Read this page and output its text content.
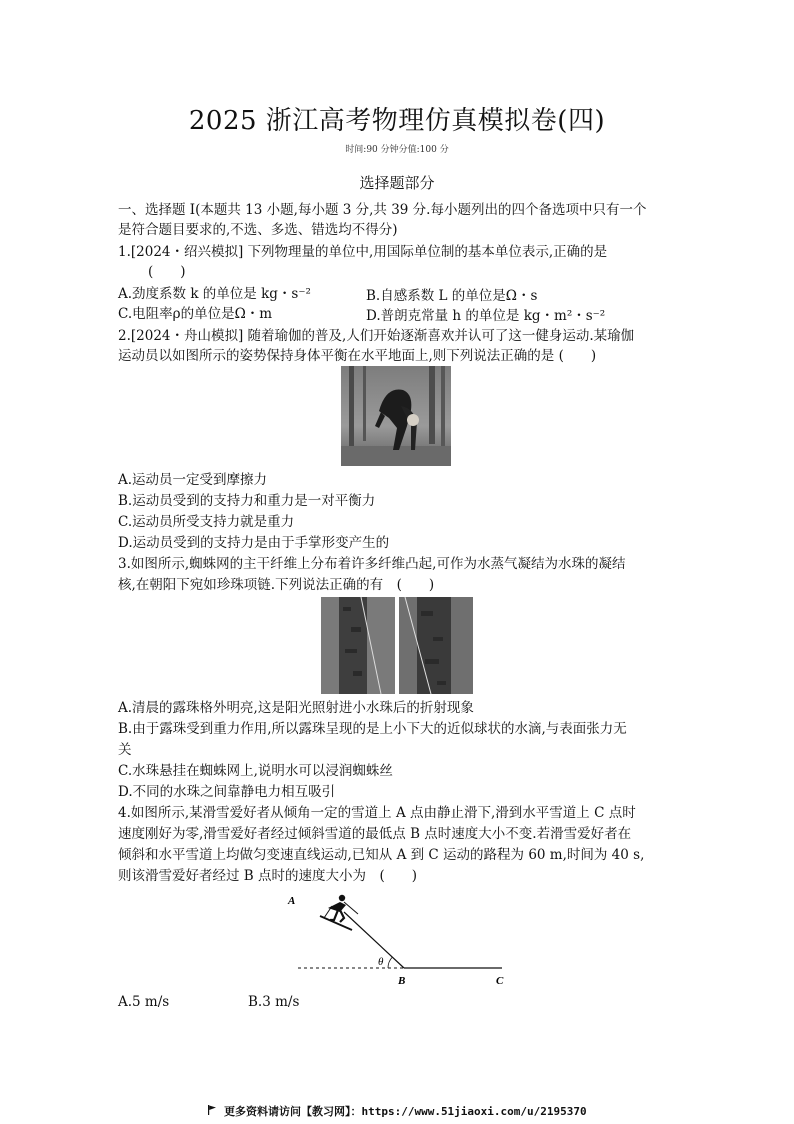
2025 浙江高考物理仿真模拟卷(四)
时间:90 分钟分值:100 分
选择题部分
一、选择题 Ⅰ(本题共 13 小题,每小题 3 分,共 39 分.每小题列出的四个备选项中只有一个
是符合题目要求的,不选、多选、错选均不得分)
1.[2024・绍兴模拟] 下列物理量的单位中,用国际单位制的基本单位表示,正确的是
(　　)
A.劲度系数 k 的单位是 kg・s⁻²	B.自感系数 L 的单位是Ω・s
C.电阻率ρ的单位是Ω・m	D.普朗克常量 h 的单位是 kg・m²・s⁻²
2.[2024・舟山模拟] 随着瑜伽的普及,人们开始逐渐喜欢并认可了这一健身运动.某瑜伽
运动员以如图所示的姿势保持身体平衡在水平地面上,则下列说法正确的是 (　　)
A.运动员一定受到摩擦力
B.运动员受到的支持力和重力是一对平衡力
C.运动员所受支持力就是重力
D.运动员受到的支持力是由于手掌形变产生的
3.如图所示,蜘蛛网的主干纤维上分布着许多纤维凸起,可作为水蒸气凝结为水珠的凝结
核,在朝阳下宛如珍珠项链.下列说法正确的有　(　　)
A.清晨的露珠格外明亮,这是阳光照射进小水珠后的折射现象
B.由于露珠受到重力作用,所以露珠呈现的是上小下大的近似球状的水滴,与表面张力无
关
C.水珠悬挂在蜘蛛网上,说明水可以浸润蜘蛛丝
D.不同的水珠之间靠静电力相互吸引
4.如图所示,某滑雪爱好者从倾角一定的雪道上 A 点由静止滑下,滑到水平雪道上 C 点时
速度刚好为零,滑雪爱好者经过倾斜雪道的最低点 B 点时速度大小不变.若滑雪爱好者在
倾斜和水平雪道上均做匀变速直线运动,已知从 A 到 C 运动的路程为 60 m,时间为 40 s,
则该滑雪爱好者经过 B 点时的速度大小为　(　　)
θ
A
B	C
A.5 m/s	B.3 m/s
更多资料请访问【教习网】：https://www.51jiaoxi.com/u/2195370
